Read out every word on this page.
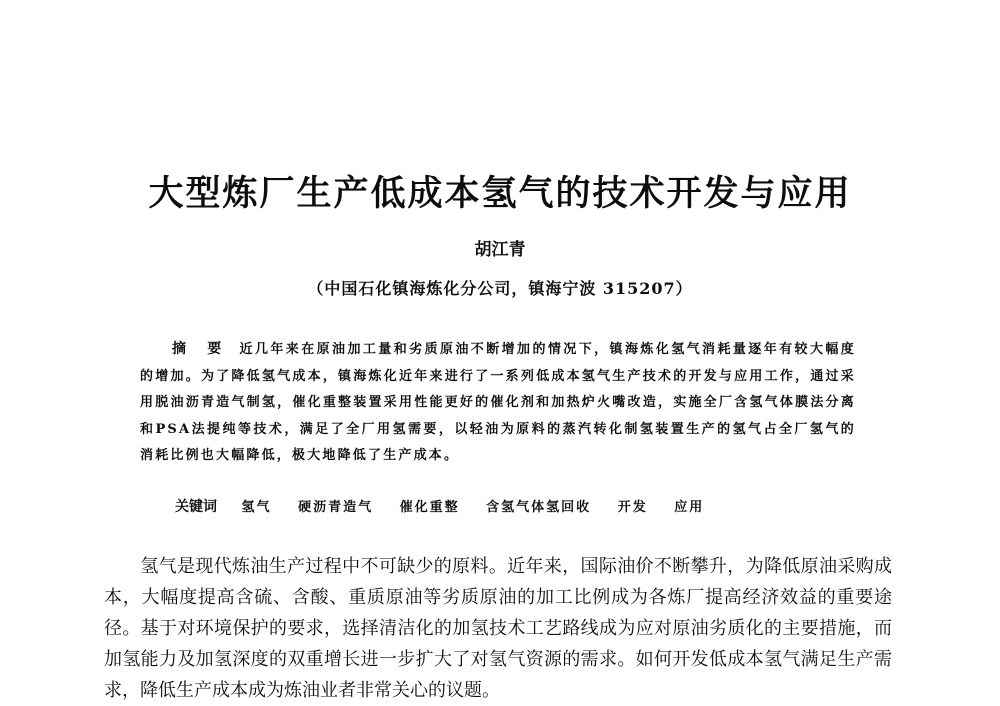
大型炼厂生产低成本氢气的技术开发与应用
胡江青
（中国石化镇海炼化分公司，镇海宁波 315207）
摘 要 近几年来在原油加工量和劣质原油不断增加的情况下，镇海炼化氢气消耗量逐年有较大幅度的增加。为了降低氢气成本，镇海炼化近年来进行了一系列低成本氢气生产技术的开发与应用工作，通过采用脱油沥青造气制氢，催化重整装置采用性能更好的催化剂和加热炉火嘴改造，实施全厂含氢气体膜法分离和PSA法提纯等技术，满足了全厂用氢需要，以轻油为原料的蒸汽转化制氢装置生产的氢气占全厂氢气的消耗比例也大幅降低，极大地降低了生产成本。
关键词 氢气 硬沥青造气 催化重整 含氢气体氢回收 开发 应用
氢气是现代炼油生产过程中不可缺少的原料。近年来，国际油价不断攀升，为降低原油采购成本，大幅度提高含硫、含酸、重质原油等劣质原油的加工比例成为各炼厂提高经济效益的重要途径。基于对环境保护的要求，选择清洁化的加氢技术工艺路线成为应对原油劣质化的主要措施，而加氢能力及加氢深度的双重增长进一步扩大了对氢气资源的需求。如何开发低成本氢气满足生产需求，降低生产成本成为炼油业者非常关心的议题。
